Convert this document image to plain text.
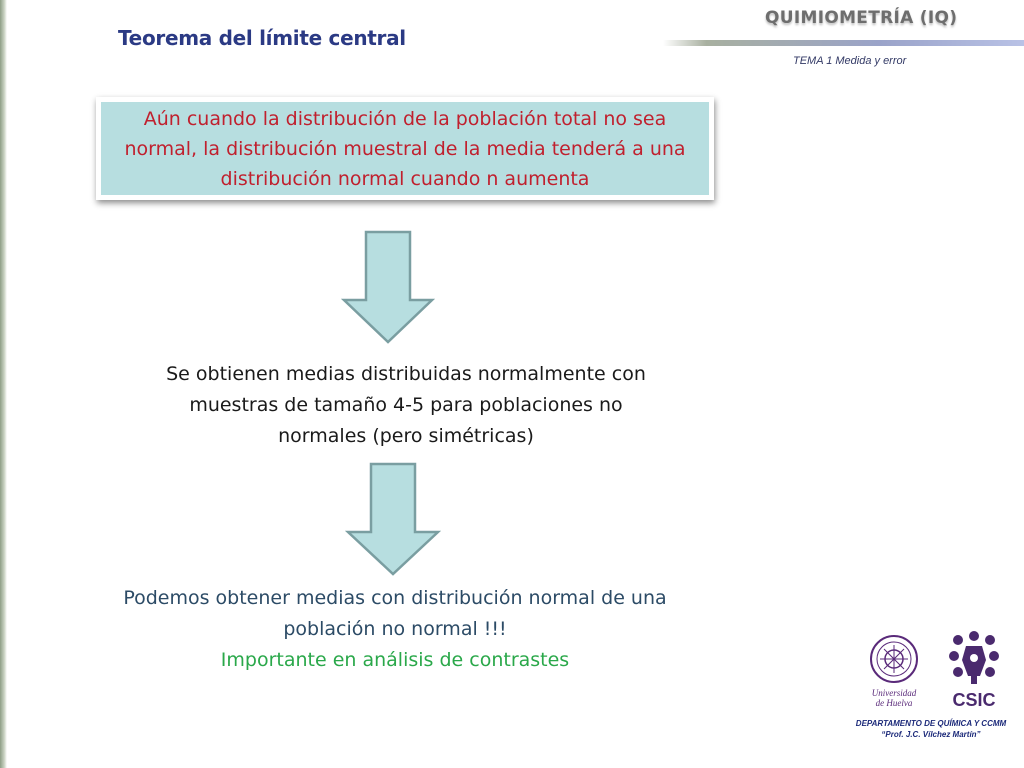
Teorema del límite central
QUIMIOMETRÍA (IQ)

TEMA 1 Medida y error

Aún cuando la distribución de la población total no sea normal, la distribución muestral de la media tenderá a una distribución normal cuando n aumenta

Se obtienen medias distribuidas normalmente con muestras de tamaño 4-5 para poblaciones no normales (pero simétricas)

Podemos obtener medias con distribución normal de una población no normal !!!
Importante en análisis de contrastes

Universidad
de Huelva CSIC

DEPARTAMENTO DE QUÍMICA Y CCMM
“Prof. J.C. Vílchez Martín”
